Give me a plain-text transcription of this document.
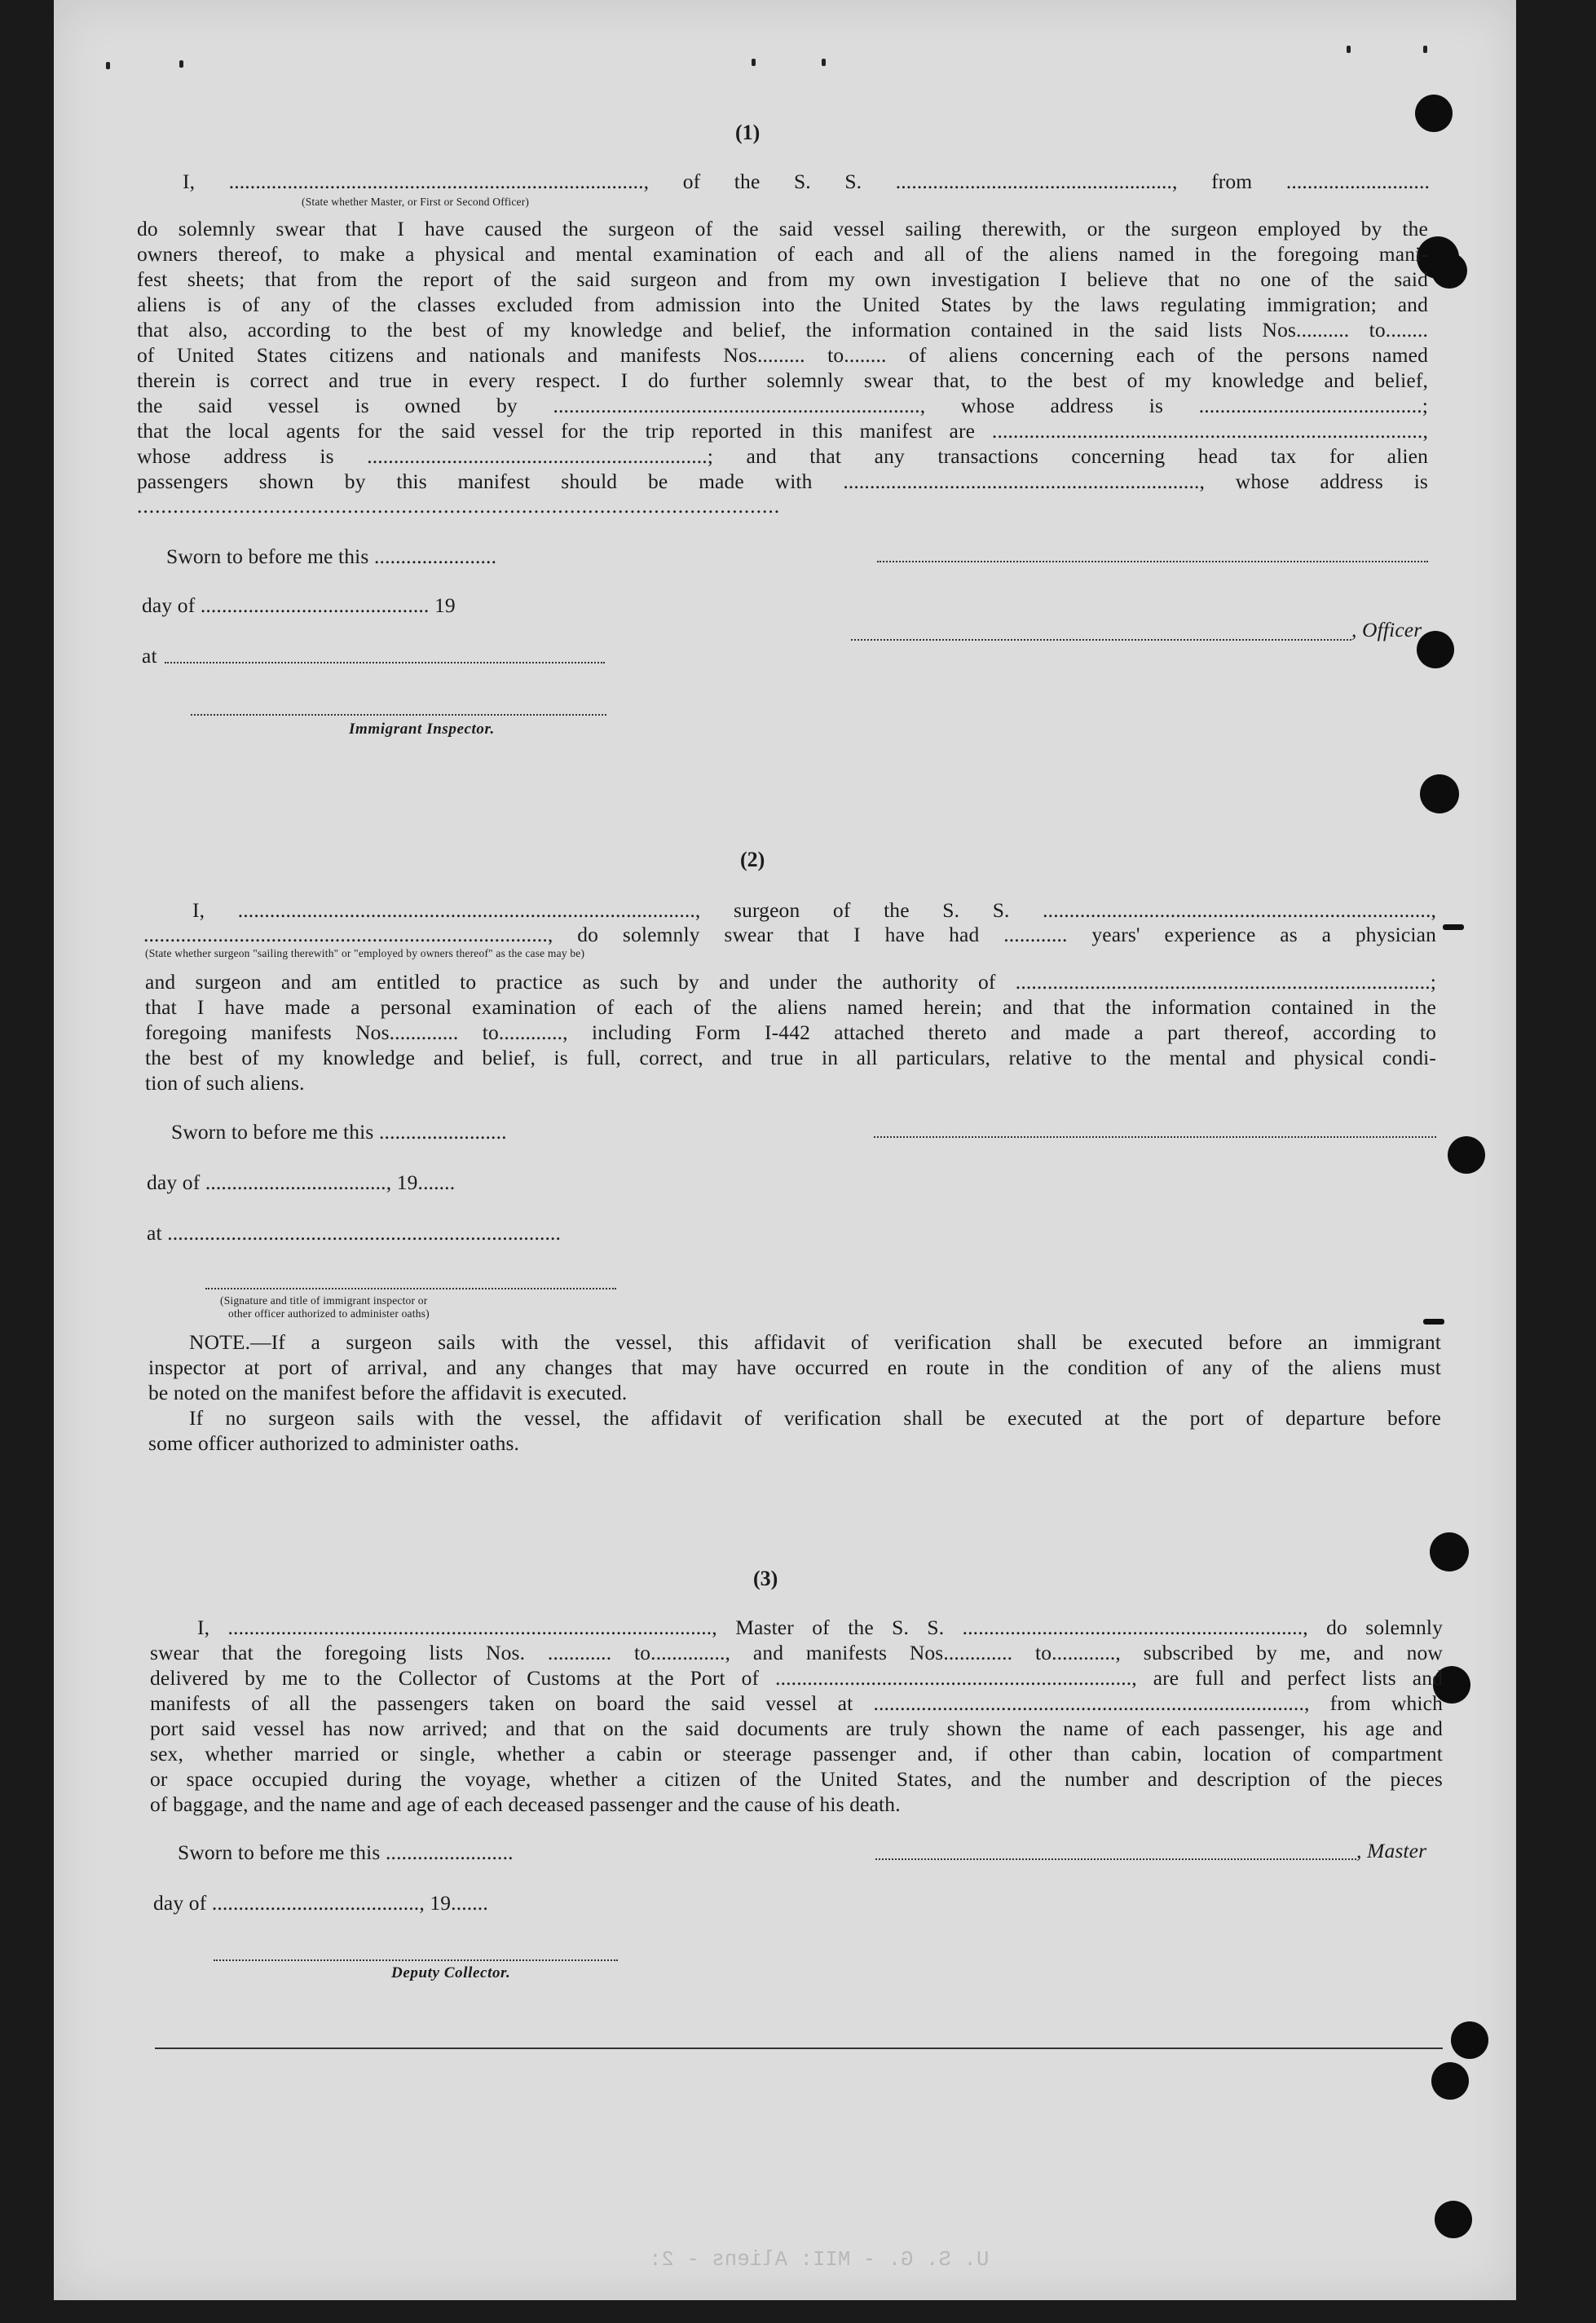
(1)
I, .............................................................................., of the S. S. ...................................................., from ...........................
(State whether Master, or First or Second Officer)
do solemnly swear that I have caused the surgeon of the said vessel sailing therewith, or the surgeon employed by the
owners thereof, to make a physical and mental examination of each and all of the aliens named in the foregoing mani-
fest sheets; that from the report of the said surgeon and from my own investigation I believe that no one of the said
aliens is of any of the classes excluded from admission into the United States by the laws regulating immigration; and
that also, according to the best of my knowledge and belief, the information contained in the said lists Nos.......... to........
of United States citizens and nationals and manifests Nos......... to........ of aliens concerning each of the persons named
therein is correct and true in every respect. I do further solemnly swear that, to the best of my knowledge and belief,
the said vessel is owned by ....................................................................., whose address is ..........................................;
that the local agents for the said vessel for the trip reported in this manifest are .................................................................................,
whose address is ................................................................; and that any transactions concerning head tax for alien
passengers shown by this manifest should be made with ..................................................................., whose address is
...........................................................................................................
Sworn to before me this .......................
day of ........................................... 19
, Officer
at
Immigrant Inspector.
(2)
I, ......................................................................................, surgeon of the S. S. .........................................................................,
............................................................................, do solemnly swear that I have had ............ years' experience as a physician
(State whether surgeon "sailing therewith" or "employed by owners thereof" as the case may be)
and surgeon and am entitled to practice as such by and under the authority of ..............................................................................;
that I have made a personal examination of each of the aliens named herein; and that the information contained in the
foregoing manifests Nos............. to............, including Form I-442 attached thereto and made a part thereof, according to
the best of my knowledge and belief, is full, correct, and true in all particulars, relative to the mental and physical condi-
tion of such aliens.
Sworn to before me this ........................
day of .................................., 19.......
at ..........................................................................
(Signature and title of immigrant inspector or
other officer authorized to administer oaths)
NOTE.—If a surgeon sails with the vessel, this affidavit of verification shall be executed before an immigrant
inspector at port of arrival, and any changes that may have occurred en route in the condition of any of the aliens must
be noted on the manifest before the affidavit is executed.
If no surgeon sails with the vessel, the affidavit of verification shall be executed at the port of departure before
some officer authorized to administer oaths.
(3)
I, ..........................................................................................., Master of the S. S. ................................................................, do solemnly
swear that the foregoing lists Nos. ............ to.............., and manifests Nos............. to............, subscribed by me, and now
delivered by me to the Collector of Customs at the Port of ..................................................................., are full and perfect lists and
manifests of all the passengers taken on board the said vessel at ................................................................................., from which
port said vessel has now arrived; and that on the said documents are truly shown the name of each passenger, his age and
sex, whether married or single, whether a cabin or steerage passenger and, if other than cabin, location of compartment
or space occupied during the voyage, whether a citizen of the United States, and the number and description of the pieces
of baggage, and the name and age of each deceased passenger and the cause of his death.
Sworn to before me this ........................	, Master
day of ......................................., 19.......
Deputy Collector.
U. S. G. - MII: Aliens - 2:
